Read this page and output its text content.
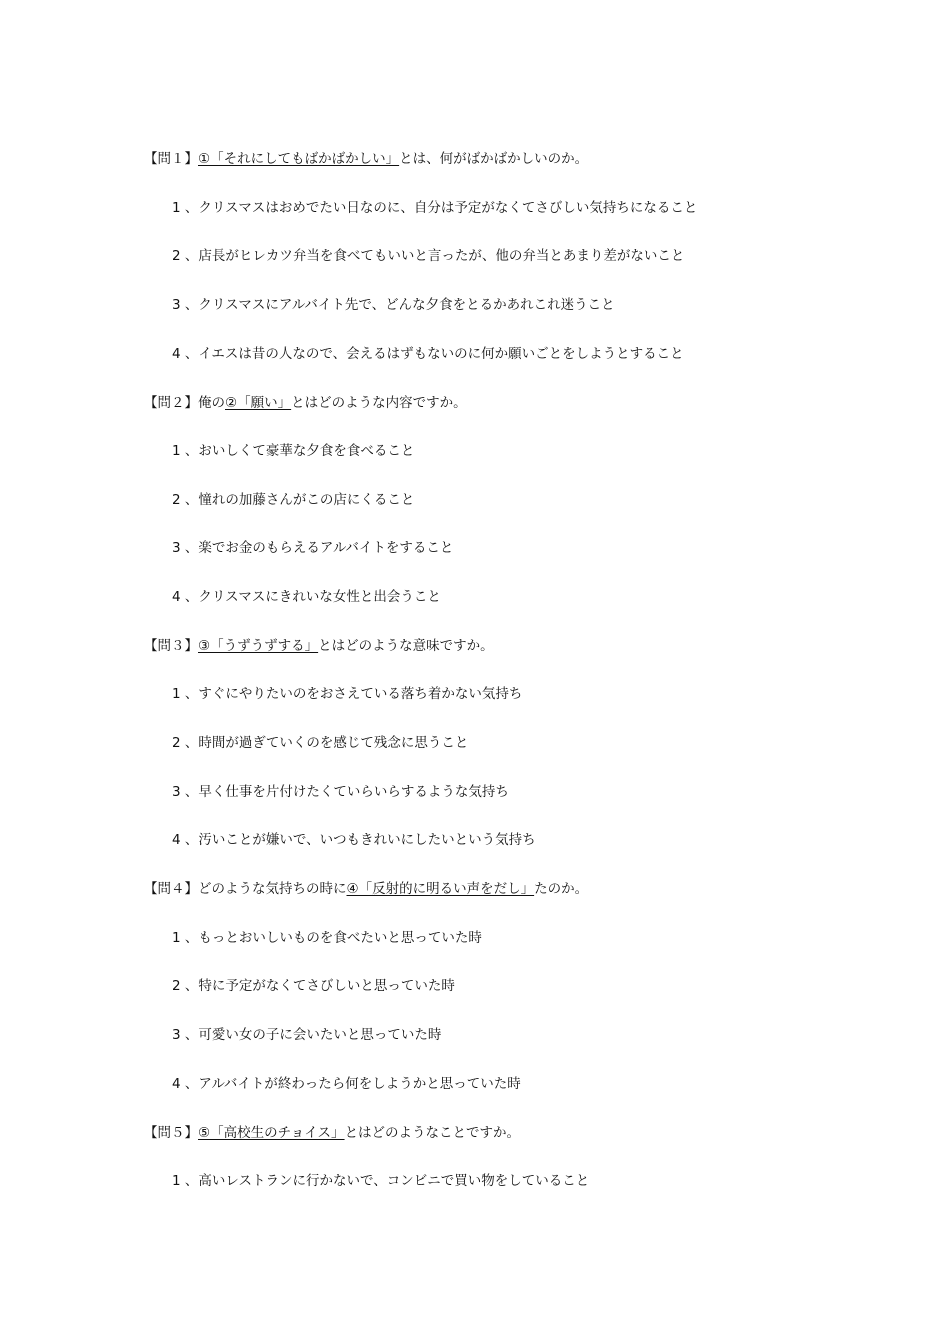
【問１】①「それにしてもばかばかしい」とは、何がばかばかしいのか。
1 、クリスマスはおめでたい日なのに、自分は予定がなくてさびしい気持ちになること
2 、店長がヒレカツ弁当を食べてもいいと言ったが、他の弁当とあまり差がないこと
3 、クリスマスにアルバイト先で、どんな夕食をとるかあれこれ迷うこと
4 、イエスは昔の人なので、会えるはずもないのに何か願いごとをしようとすること
【問２】俺の②「願い」とはどのような内容ですか。
1 、おいしくて豪華な夕食を食べること
2 、憧れの加藤さんがこの店にくること
3 、楽でお金のもらえるアルバイトをすること
4 、クリスマスにきれいな女性と出会うこと
【問３】③「うずうずする」とはどのような意味ですか。
1 、すぐにやりたいのをおさえている落ち着かない気持ち
2 、時間が過ぎていくのを感じて残念に思うこと
3 、早く仕事を片付けたくていらいらするような気持ち
4 、汚いことが嫌いで、いつもきれいにしたいという気持ち
【問４】どのような気持ちの時に④「反射的に明るい声をだし」たのか。
1 、もっとおいしいものを食べたいと思っていた時
2 、特に予定がなくてさびしいと思っていた時
3 、可愛い女の子に会いたいと思っていた時
4 、アルバイトが終わったら何をしようかと思っていた時
【問５】⑤「高校生のチョイス」とはどのようなことですか。
1 、高いレストランに行かないで、コンビニで買い物をしていること
